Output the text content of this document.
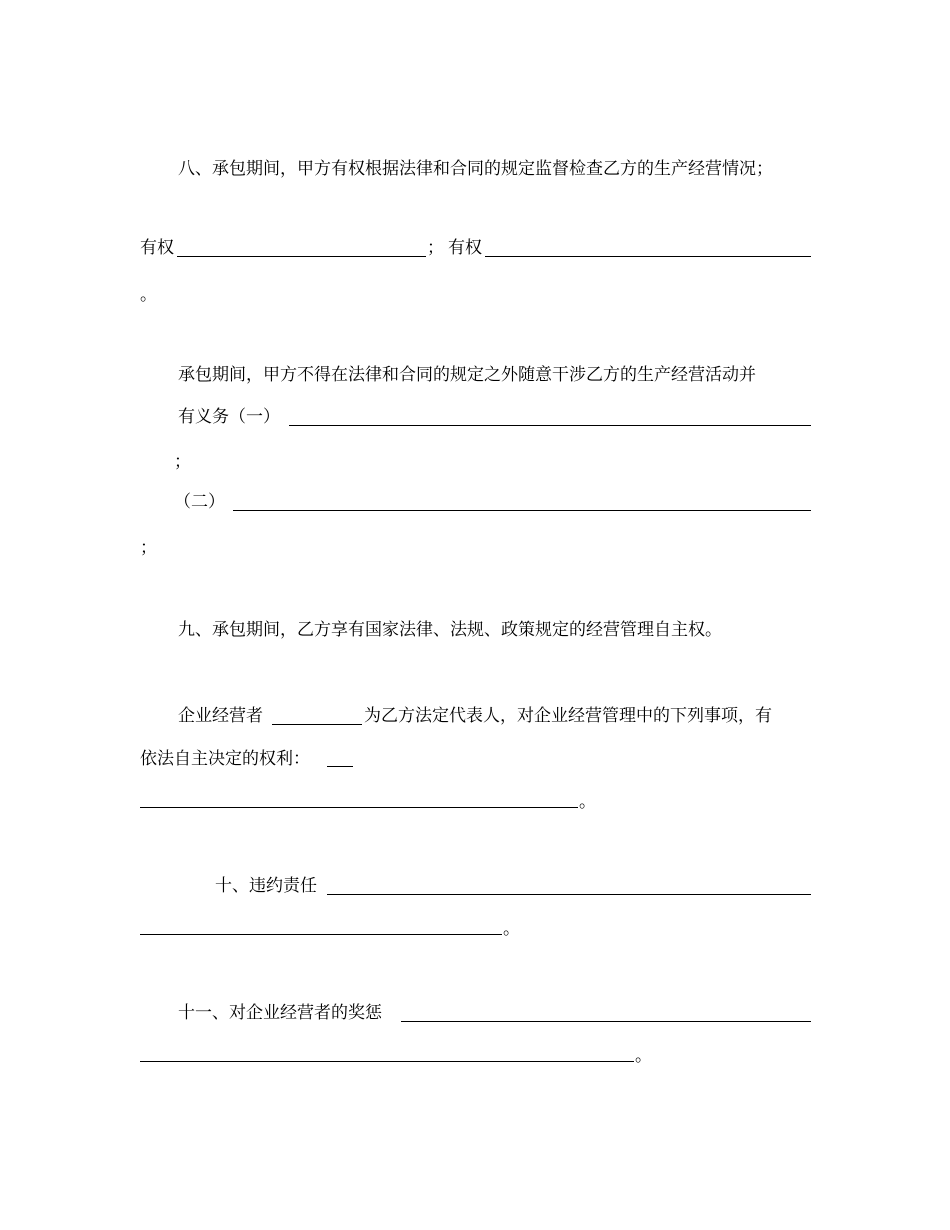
八、承包期间，甲方有权根据法律和合同的规定监督检查乙方的生产经营情况；
有权	； 有权
。
承包期间，甲方不得在法律和合同的规定之外随意干涉乙方的生产经营活动并
有义务（一）
；
（二）
；
九、承包期间，乙方享有国家法律、法规、政策规定的经营管理自主权。
企业经营者	为乙方法定代表人，对企业经营管理中的下列事项，有
依法自主决定的权利：
。
十、违约责任
。
十一、对企业经营者的奖惩
。
